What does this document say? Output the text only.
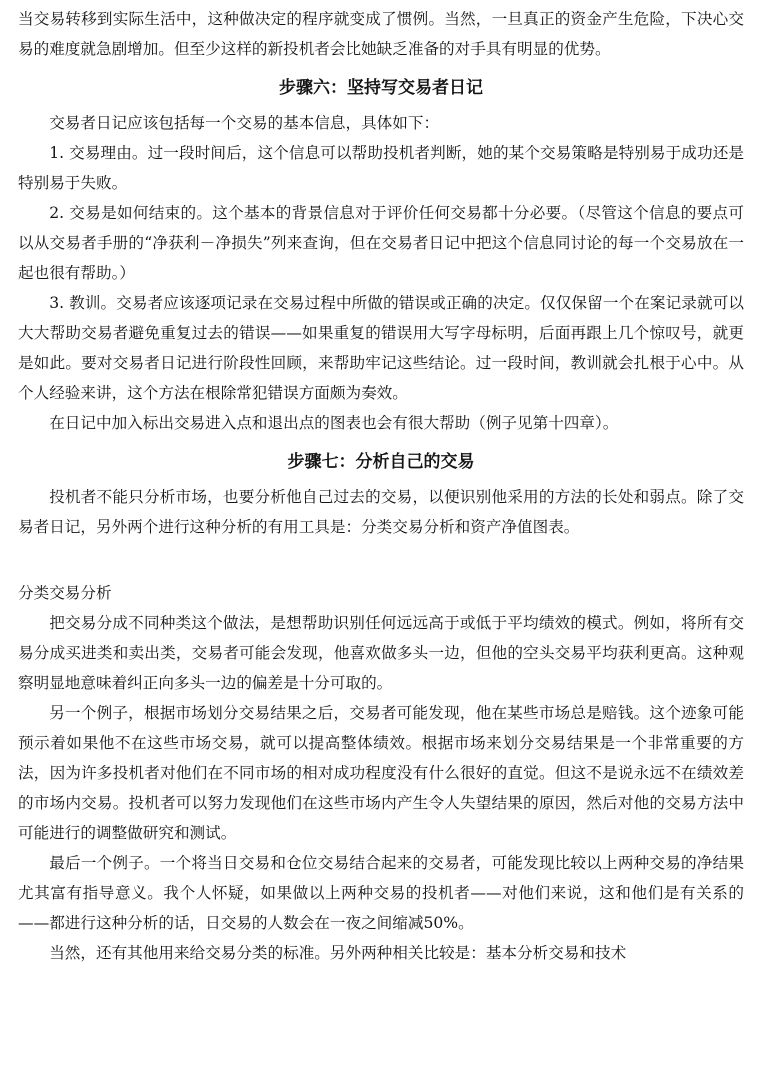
当交易转移到实际生活中，这种做决定的程序就变成了惯例。当然，一旦真正的资金产生危险，下决心交易的难度就急剧增加。但至少这样的新投机者会比她缺乏准备的对手具有明显的优势。

步骤六：坚持写交易者日记

交易者日记应该包括每一个交易的基本信息，具体如下：

1. 交易理由。过一段时间后，这个信息可以帮助投机者判断，她的某个交易策略是特别易于成功还是特别易于失败。

2. 交易是如何结束的。这个基本的背景信息对于评价任何交易都十分必要。（尽管这个信息的要点可以从交易者手册的“净获利－净损失”列来查询，但在交易者日记中把这个信息同讨论的每一个交易放在一起也很有帮助。）

3. 教训。交易者应该逐项记录在交易过程中所做的错误或正确的决定。仅仅保留一个在案记录就可以大大帮助交易者避免重复过去的错误——如果重复的错误用大写字母标明，后面再跟上几个惊叹号，就更是如此。要对交易者日记进行阶段性回顾，来帮助牢记这些结论。过一段时间，教训就会扎根于心中。从个人经验来讲，这个方法在根除常犯错误方面颇为奏效。

在日记中加入标出交易进入点和退出点的图表也会有很大帮助（例子见第十四章）。

步骤七：分析自己的交易

投机者不能只分析市场，也要分析他自己过去的交易，以便识别他采用的方法的长处和弱点。除了交易者日记，另外两个进行这种分析的有用工具是：分类交易分析和资产净值图表。

分类交易分析

把交易分成不同种类这个做法，是想帮助识别任何远远高于或低于平均绩效的模式。例如，将所有交易分成买进类和卖出类，交易者可能会发现，他喜欢做多头一边，但他的空头交易平均获利更高。这种观察明显地意味着纠正向多头一边的偏差是十分可取的。

另一个例子，根据市场划分交易结果之后，交易者可能发现，他在某些市场总是赔钱。这个迹象可能预示着如果他不在这些市场交易，就可以提高整体绩效。根据市场来划分交易结果是一个非常重要的方法，因为许多投机者对他们在不同市场的相对成功程度没有什么很好的直觉。但这不是说永远不在绩效差的市场内交易。投机者可以努力发现他们在这些市场内产生令人失望结果的原因，然后对他的交易方法中可能进行的调整做研究和测试。

最后一个例子。一个将当日交易和仓位交易结合起来的交易者，可能发现比较以上两种交易的净结果尤其富有指导意义。我个人怀疑，如果做以上两种交易的投机者——对他们来说，这和他们是有关系的——都进行这种分析的话，日交易的人数会在一夜之间缩减50%。

当然，还有其他用来给交易分类的标准。另外两种相关比较是：基本分析交易和技术
